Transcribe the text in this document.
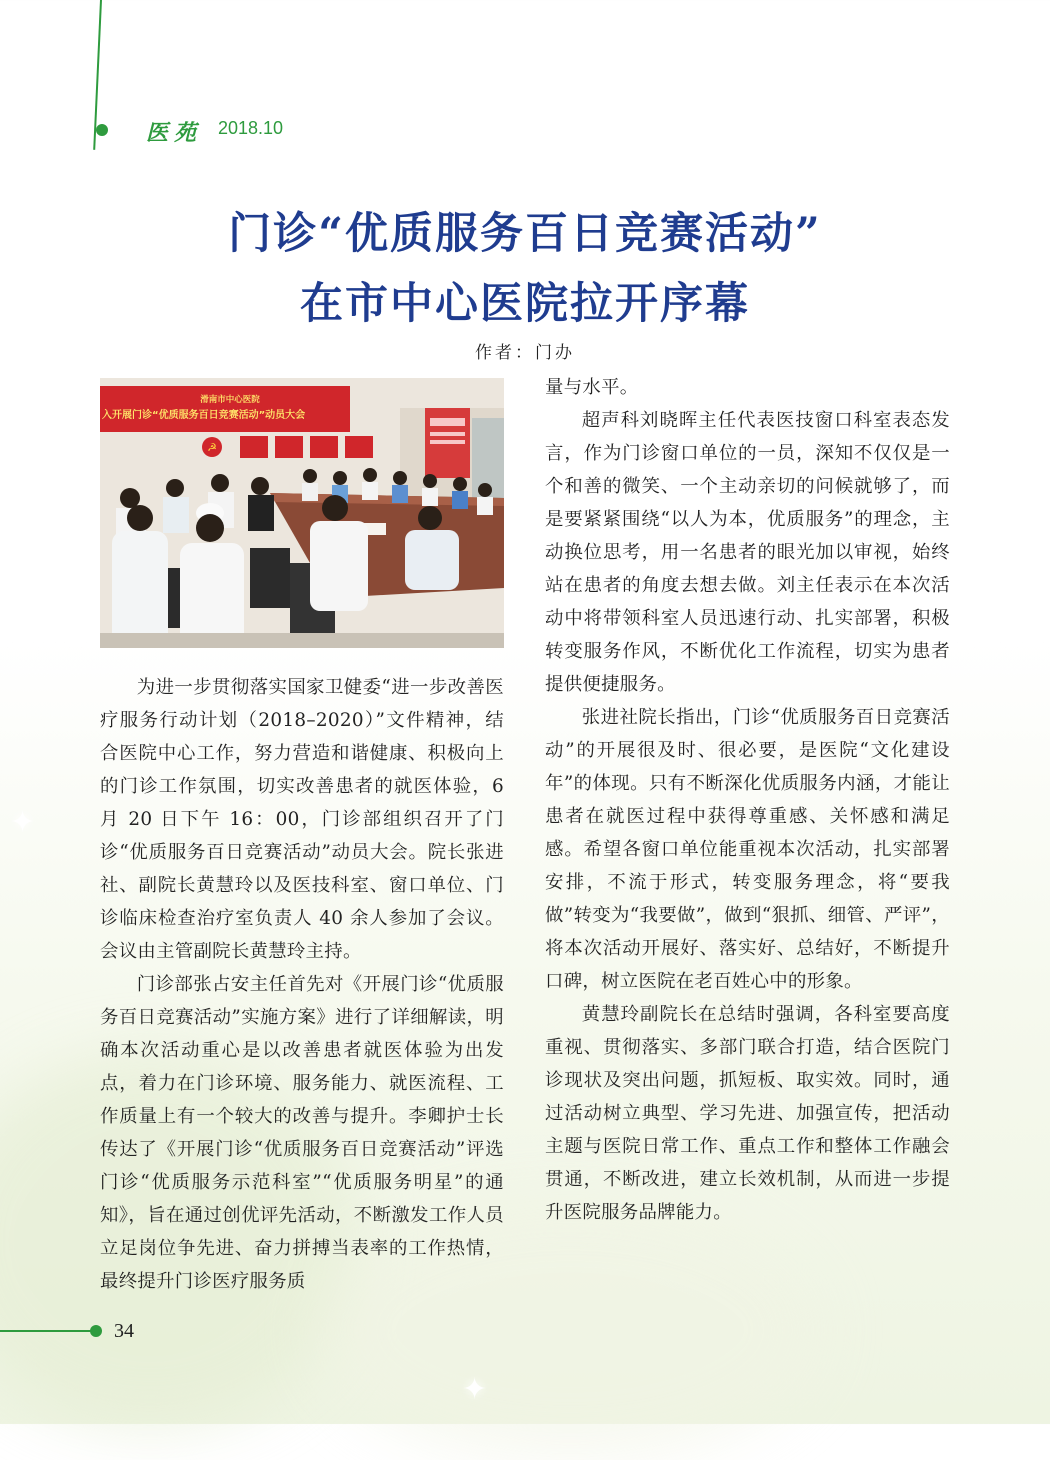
✦
✦
医苑 2018.10
门诊“优质服务百日竞赛活动”
在市中心医院拉开序幕
作者：门办
滑南市中心医院
入开展门诊“优质服务百日竞赛活动”动员大会
☭

为进一步贯彻落实国家卫健委“进一步改善医疗服务行动计划（2018–2020）”文件精神，结合医院中心工作，努力营造和谐健康、积极向上的门诊工作氛围，切实改善患者的就医体验，6 月 20 日下午 16：00，门诊部组织召开了门诊“优质服务百日竞赛活动”动员大会。院长张进社、副院长黄慧玲以及医技科室、窗口单位、门诊临床检查治疗室负责人 40 余人参加了会议。会议由主管副院长黄慧玲主持。

门诊部张占安主任首先对《开展门诊“优质服务百日竞赛活动”实施方案》进行了详细解读，明确本次活动重心是以改善患者就医体验为出发点，着力在门诊环境、服务能力、就医流程、工作质量上有一个较大的改善与提升。李卿护士长传达了《开展门诊“优质服务百日竞赛活动”评选门诊“优质服务示范科室”“优质服务明星”的通知》，旨在通过创优评先活动，不断激发工作人员立足岗位争先进、奋力拼搏当表率的工作热情，最终提升门诊医疗服务质

量与水平。

超声科刘晓晖主任代表医技窗口科室表态发言，作为门诊窗口单位的一员，深知不仅仅是一个和善的微笑、一个主动亲切的问候就够了，而是要紧紧围绕“以人为本，优质服务”的理念，主动换位思考，用一名患者的眼光加以审视，始终站在患者的角度去想去做。刘主任表示在本次活动中将带领科室人员迅速行动、扎实部署，积极转变服务作风，不断优化工作流程，切实为患者提供便捷服务。

张进社院长指出，门诊“优质服务百日竞赛活动”的开展很及时、很必要，是医院“文化建设年”的体现。只有不断深化优质服务内涵，才能让患者在就医过程中获得尊重感、关怀感和满足感。希望各窗口单位能重视本次活动，扎实部署安排，不流于形式，转变服务理念，将“要我做”转变为“我要做”，做到“狠抓、细管、严评”，将本次活动开展好、落实好、总结好，不断提升口碑，树立医院在老百姓心中的形象。

黄慧玲副院长在总结时强调，各科室要高度重视、贯彻落实、多部门联合打造，结合医院门诊现状及突出问题，抓短板、取实效。同时，通过活动树立典型、学习先进、加强宣传，把活动主题与医院日常工作、重点工作和整体工作融会贯通，不断改进，建立长效机制，从而进一步提升医院服务品牌能力。

34
